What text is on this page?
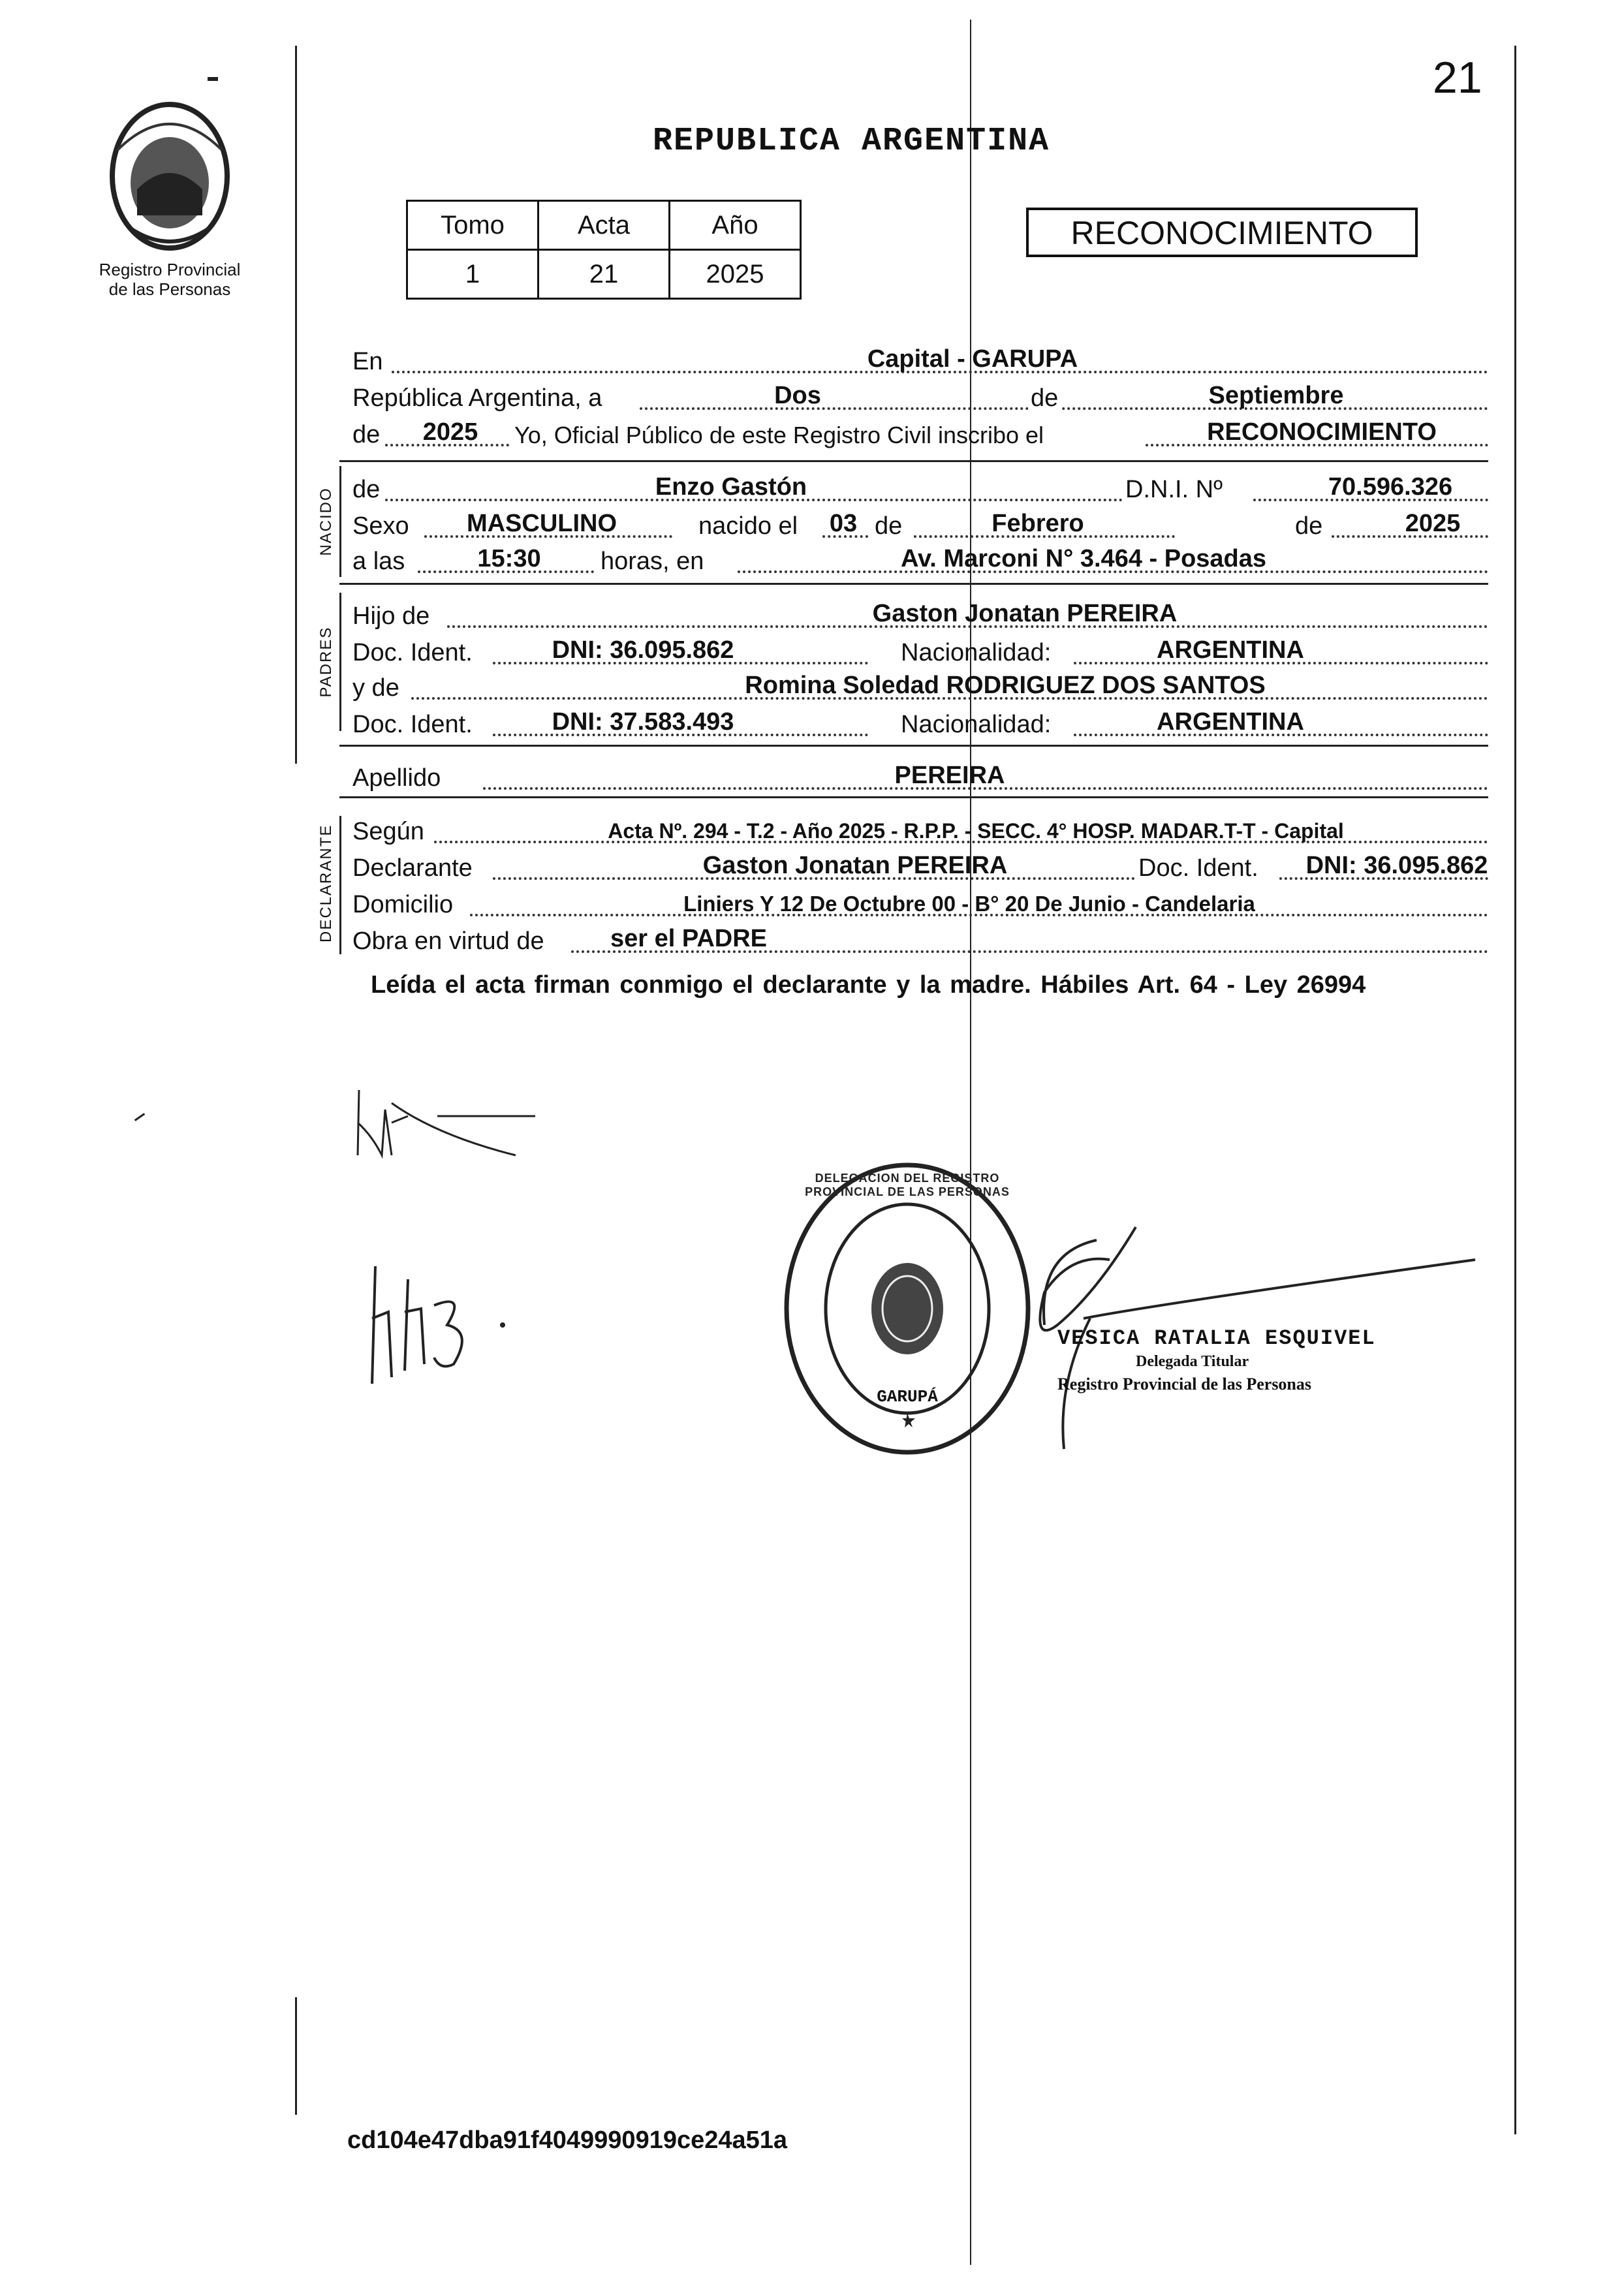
21
Registro Provincial
de las Personas
REPUBLICA ARGENTINA
Tomo	Acta	Año
1	21	2025
RECONOCIMIENTO
En	Capital - GARUPA
República Argentina, a	Dos	de	Septiembre
de 2025 Yo, Oficial Público de este Registro Civil inscribo el	RECONOCIMIENTO
NACIDO de	Enzo Gastón	D.N.I. Nº	70.596.326
Sexo MASCULINO	nacido el 03 de	Febrero	de	2025
a las	15:30 horas, en	Av. Marconi N° 3.464 - Posadas
PADRES
Hijo de	Gaston Jonatan PEREIRA
Doc. Ident.	DNI: 36.095.862	Nacionalidad:	ARGENTINA
y de	Romina Soledad RODRIGUEZ DOS SANTOS
Doc. Ident.	DNI: 37.583.493	Nacionalidad:	ARGENTINA
Apellido	PEREIRA
DECLARANTE Según	Acta Nº. 294 - T.2 - Año 2025 - R.P.P. - SECC. 4° HOSP. MADAR.T-T - Capital
Declarante	Gaston Jonatan PEREIRA	Doc. Ident. DNI: 36.095.862
Domicilio	Liniers Y 12 De Octubre 00 - B° 20 De Junio - Candelaria
Obra en virtud de	ser el PADRE
Leída el acta firman conmigo el declarante y la madre. Hábiles Art. 64 - Ley 26994
DELEGACION DEL REGISTRO PROVINCIAL DE LAS PERSONAS
GARUPÁ
VESICA RATALIA ESQUIVEL
Delegada Titular
Registro Provincial de las Personas
cd104e47dba91f4049990919ce24a51a
